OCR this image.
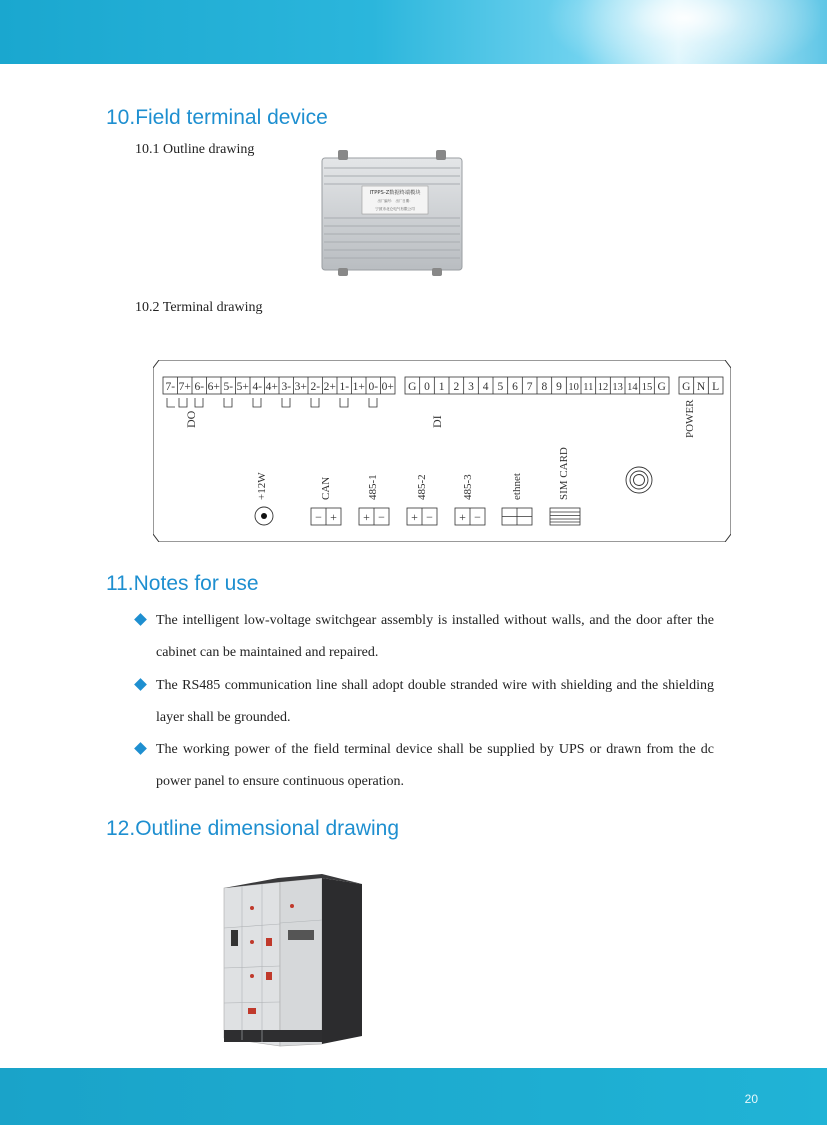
10.Field terminal device
10.1 Outline drawing
ITPPS-Z数据终端模块
出厂编号： 出厂日期：
宁波市北仑电气有限公司
10.2 Terminal drawing
7- 7+ 6- 6+ 5- 5+ 4- 4+ 3- 3+ 2- 2+ 1- 1+ 0- 0+
DO
G 0 1 2 3 4 5 6 7 8 9 10 11 12 13 14 15 G
DI
G N L
POWER
+12W	CAN
− +
485-1
+ −
485-2
+ −
485-3
+ −
ethnet	SIM CARD
11.Notes for use
The intelligent low-voltage switchgear assembly is installed without walls, and the door after the cabinet can be maintained and repaired.
The RS485 communication line shall adopt double stranded wire with shielding and the shielding layer shall be grounded.
The working power of the field terminal device shall be supplied by UPS or drawn from the dc power panel to ensure continuous operation.
12.Outline dimensional drawing
20
